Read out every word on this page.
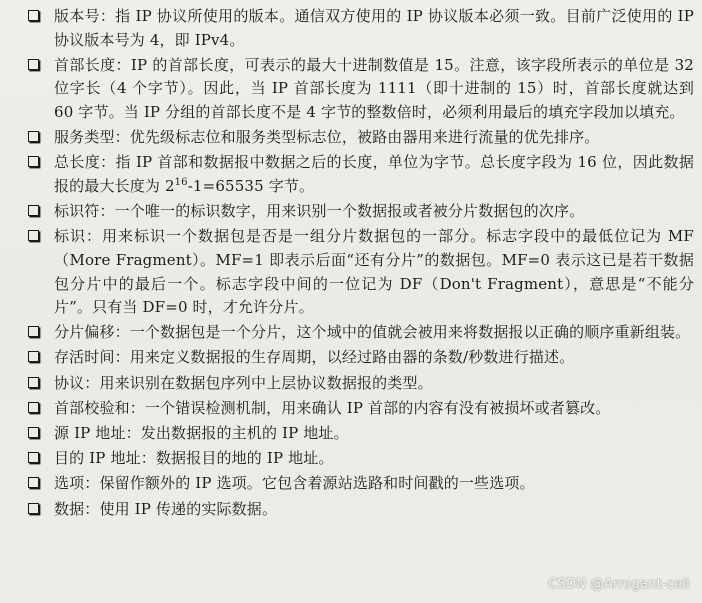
版本号：指 IP 协议所使用的版本。通信双方使用的 IP 协议版本必须一致。目前广泛使用的 IP 协议版本号为 4，即 IPv4。
首部长度：IP 的首部长度，可表示的最大十进制数值是 15。注意，该字段所表示的单位是 32 位字长（4 个字节）。因此，当 IP 首部长度为 1111（即十进制的 15）时，首部长度就达到 60 字节。当 IP 分组的首部长度不是 4 字节的整数倍时，必须利用最后的填充字段加以填充。
服务类型：优先级标志位和服务类型标志位，被路由器用来进行流量的优先排序。
总长度：指 IP 首部和数据报中数据之后的长度，单位为字节。总长度字段为 16 位，因此数据报的最大长度为 $2^{16}-1=65535$ 字节。
标识符：一个唯一的标识数字，用来识别一个数据报或者被分片数据包的次序。
标识：用来标识一个数据包是否是一组分片数据包的一部分。标志字段中的最低位记为 MF（More Fragment）。MF=1 即表示后面“还有分片”的数据包。MF=0 表示这已是若干数据包分片中的最后一个。标志字段中间的一位记为 DF（Don't Fragment），意思是“不能分片”。只有当 DF=0 时，才允许分片。
分片偏移：一个数据包是一个分片，这个域中的值就会被用来将数据报以正确的顺序重新组装。
存活时间：用来定义数据报的生存周期，以经过路由器的条数/秒数进行描述。
协议：用来识别在数据包序列中上层协议数据报的类型。
首部校验和：一个错误检测机制，用来确认 IP 首部的内容有没有被损坏或者篡改。
源 IP 地址：发出数据报的主机的 IP 地址。
目的 IP 地址：数据报目的地的 IP 地址。
选项：保留作额外的 IP 选项。它包含着源站选路和时间戳的一些选项。
数据：使用 IP 传递的实际数据。
CSDN @Arrogant-cell
